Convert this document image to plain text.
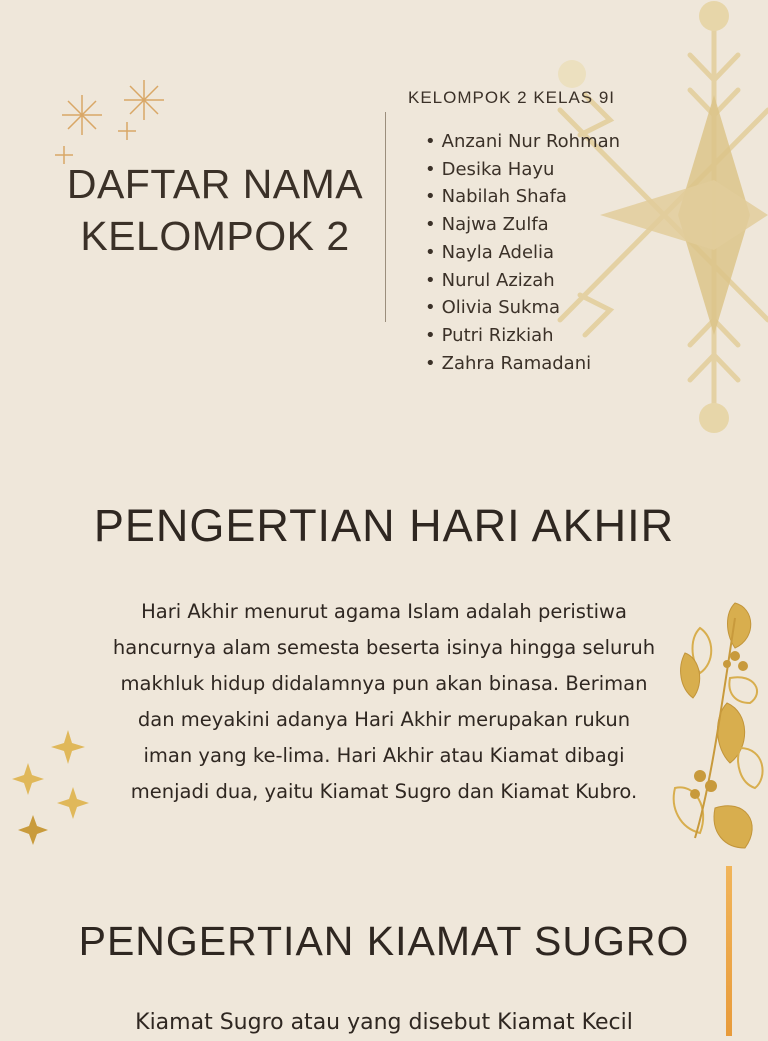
DAFTAR NAMA
KELOMPOK 2
KELOMPOK 2 KELAS 9I
• Anzani Nur Rohman
• Desika Hayu
• Nabilah Shafa
• Najwa Zulfa
• Nayla Adelia
• Nurul Azizah
• Olivia Sukma
• Putri Rizkiah
• Zahra Ramadani
PENGERTIAN HARI AKHIR
Hari Akhir menurut agama Islam adalah peristiwa
hancurnya alam semesta beserta isinya hingga seluruh
makhluk hidup didalamnya pun akan binasa. Beriman
dan meyakini adanya Hari Akhir merupakan rukun
iman yang ke-lima. Hari Akhir atau Kiamat dibagi
menjadi dua, yaitu Kiamat Sugro dan Kiamat Kubro.
PENGERTIAN KIAMAT SUGRO
Kiamat Sugro atau yang disebut Kiamat Kecil
